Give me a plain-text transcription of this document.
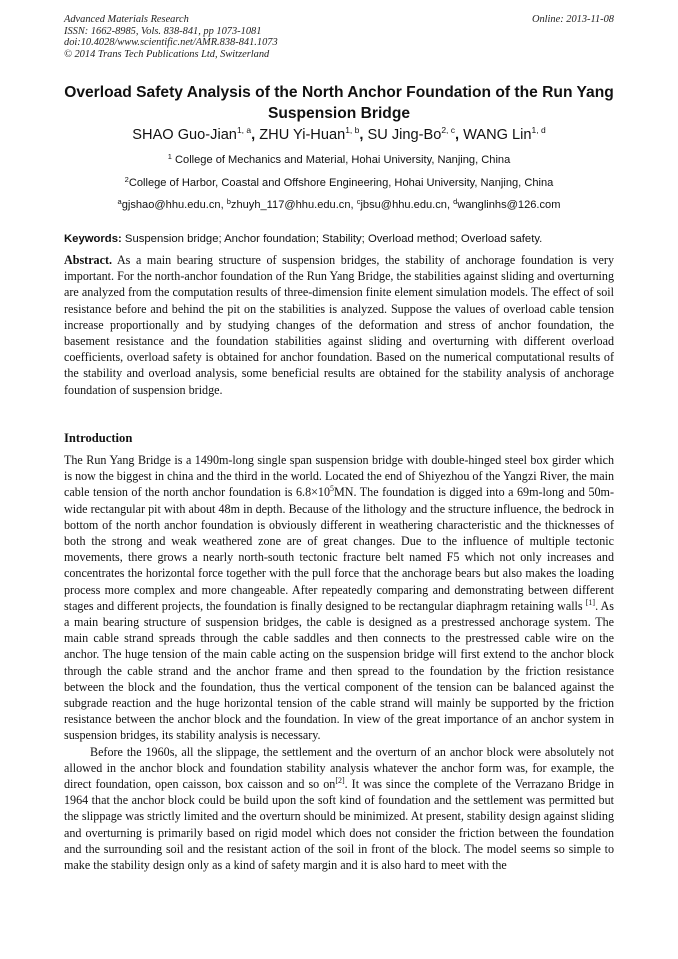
Advanced Materials Research
ISSN: 1662-8985, Vols. 838-841, pp 1073-1081
doi:10.4028/www.scientific.net/AMR.838-841.1073
© 2014 Trans Tech Publications Ltd, Switzerland
Online: 2013-11-08
Overload Safety Analysis of the North Anchor Foundation of the Run Yang Suspension Bridge
SHAO Guo-Jian$^{1, a}$, ZHU Yi-Huan$^{1, b}$, SU Jing-Bo$^{2, c}$, WANG Lin$^{1, d}$
$^1$ College of Mechanics and Material, Hohai University, Nanjing, China
$^2$College of Harbor, Coastal and Offshore Engineering, Hohai University, Nanjing, China
$^a$gjshao@hhu.edu.cn, $^b$zhuyh_117@hhu.edu.cn, $^c$jbsu@hhu.edu.cn, $^d$wanglinhs@126.com
Keywords: Suspension bridge; Anchor foundation; Stability; Overload method; Overload safety.
Abstract. As a main bearing structure of suspension bridges, the stability of anchorage foundation is very important. For the north-anchor foundation of the Run Yang Bridge, the stabilities against sliding and overturning are analyzed from the computation results of three-dimension finite element simulation models. The effect of soil resistance before and behind the pit on the stabilities is analyzed. Suppose the values of overload cable tension increase proportionally and by studying changes of the deformation and stress of anchor foundation, the basement resistance and the foundation stabilities against sliding and overturning with different overload coefficients, overload safety is obtained for anchor foundation. Based on the numerical computational results of the stability and overload analysis, some beneficial results are obtained for the stability analysis of anchorage foundation of suspension bridge.
Introduction

The Run Yang Bridge is a 1490m-long single span suspension bridge with double-hinged steel box girder which is now the biggest in china and the third in the world. Located the end of Shiyezhou of the Yangzi River, the main cable tension of the north anchor foundation is $6.8\times 10^5MN$. The foundation is digged into a 69m-long and 50m-wide rectangular pit with about 48m in depth. Because of the lithology and the structure influence, the bedrock in bottom of the north anchor foundation is obviously different in weathering characteristic and the thicknesses of both the strong and weak weathered zone are of great changes. Due to the influence of multiple tectonic movements, there grows a nearly north-south tectonic fracture belt named F5 which not only increases and concentrates the horizontal force together with the pull force that the anchorage bears but also makes the loading process more complex and more changeable. After repeatedly comparing and demonstrating between different stages and different projects, the foundation is finally designed to be rectangular diaphragm retaining walls [1]. As a main bearing structure of suspension bridges, the cable is designed as a prestressed anchorage system. The main cable strand spreads through the cable saddles and then connects to the prestressed cable wire on the anchor. The huge tension of the main cable acting on the suspension bridge will first extend to the anchor block through the cable strand and the anchor frame and then spread to the foundation by the friction resistance between the block and the foundation, thus the vertical component of the tension can be balanced against the subgrade reaction and the huge horizontal tension of the cable strand will mainly be supported by the friction resistance between the anchor block and the foundation. In view of the great importance of an anchor system in suspension bridges, its stability analysis is necessary.

Before the 1960s, all the slippage, the settlement and the overturn of an anchor block were absolutely not allowed in the anchor block and foundation stability analysis whatever the anchor form was, for example, the direct foundation, open caisson, box caisson and so on[2]. It was since the complete of the Verrazano Bridge in 1964 that the anchor block could be build upon the soft kind of foundation and the settlement was permitted but the slippage was strictly limited and the overturn should be minimized. At present, stability design against sliding and overturning is primarily based on rigid model which does not consider the friction between the foundation and the surrounding soil and the resistant action of the soil in front of the block. The model seems so simple to make the stability design only as a kind of safety margin and it is also hard to meet with the
